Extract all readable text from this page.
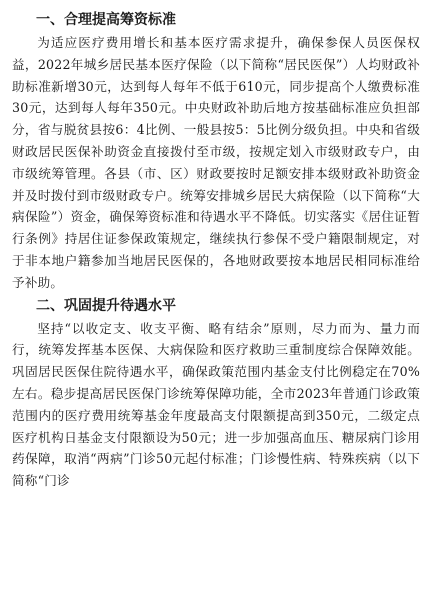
一、合理提高筹资标准

为适应医疗费用增长和基本医疗需求提升，确保参保人员医保权益，2022年城乡居民基本医疗保险（以下简称“居民医保”）人均财政补助标准新增30元，达到每人每年不低于610元，同步提高个人缴费标准30元，达到每人每年350元。中央财政补助后地方按基础标准应负担部分，省与脱贫县按6：4比例、一般县按5：5比例分级负担。中央和省级财政居民医保补助资金直接拨付至市级，按规定划入市级财政专户，由市级统筹管理。各县（市、区）财政要按时足额安排本级财政补助资金并及时拨付到市级财政专户。统筹安排城乡居民大病保险（以下简称“大病保险”）资金，确保筹资标准和待遇水平不降低。切实落实《居住证暂行条例》持居住证参保政策规定，继续执行参保不受户籍限制规定，对于非本地户籍参加当地居民医保的，各地财政要按本地居民相同标准给予补助。

二、巩固提升待遇水平

坚持“以收定支、收支平衡、略有结余”原则，尽力而为、量力而行，统筹发挥基本医保、大病保险和医疗救助三重制度综合保障效能。巩固居民医保住院待遇水平，确保政策范围内基金支付比例稳定在70%左右。稳步提高居民医保门诊统筹保障功能，全市2023年普通门诊政策范围内的医疗费用统筹基金年度最高支付限额提高到350元，二级定点医疗机构日基金支付限额设为50元；进一步加强高血压、糖尿病门诊用药保障，取消“两病”门诊50元起付标准；门诊慢性病、特殊疾病（以下简称“门诊
